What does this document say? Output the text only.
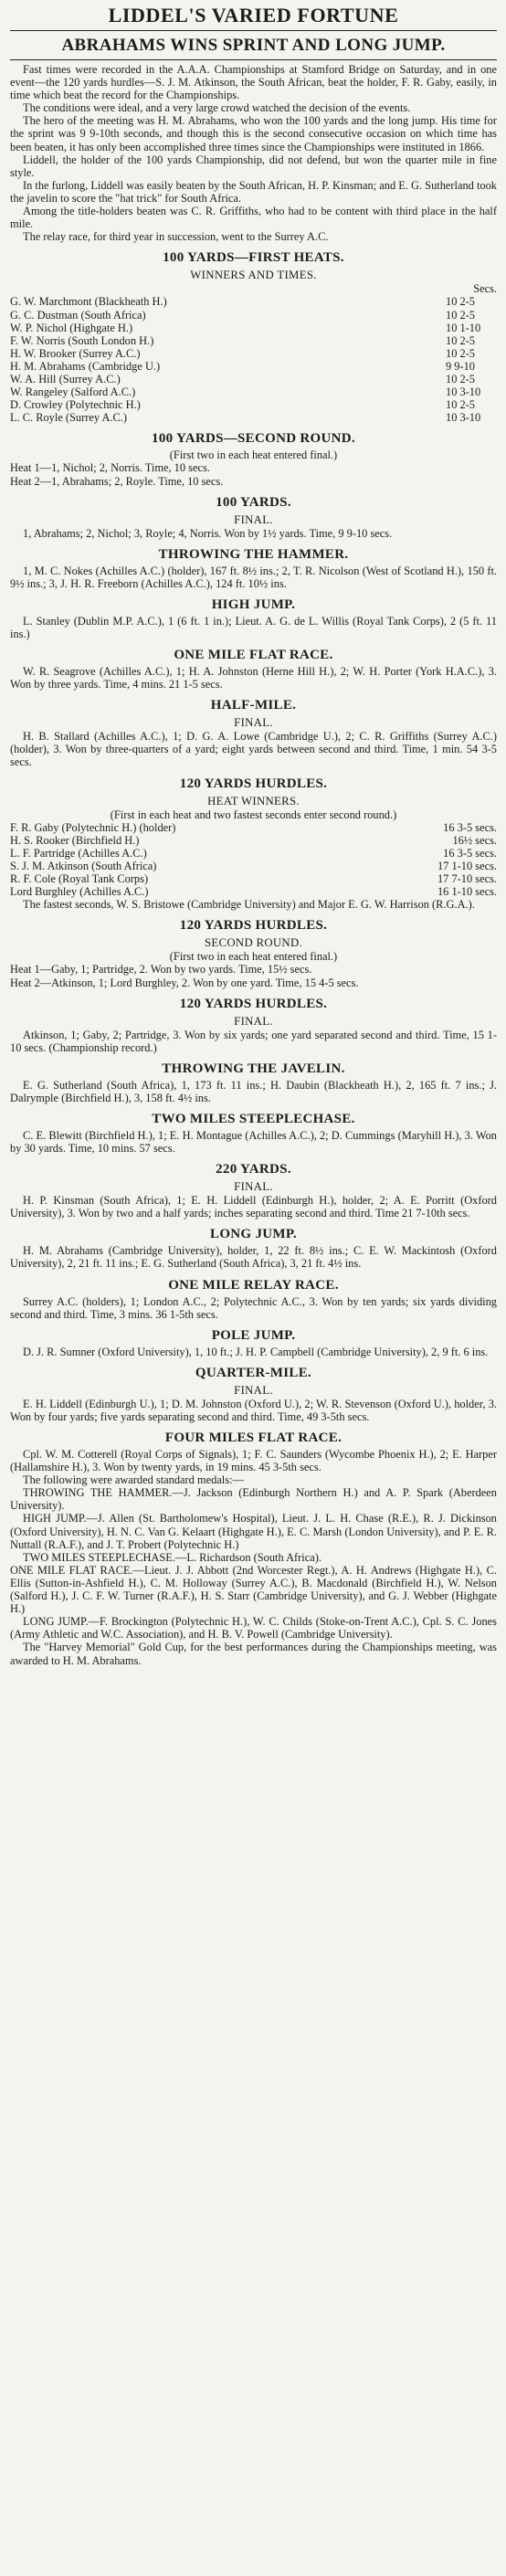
LIDDEL'S VARIED FORTUNE
ABRAHAMS WINS SPRINT AND LONG JUMP.

Fast times were recorded in the A.A.A. Championships at Stamford Bridge on Saturday, and in one event—the 120 yards hurdles—S. J. M. Atkinson, the South African, beat the holder, F. R. Gaby, easily, in time which beat the record for the Championships.

The conditions were ideal, and a very large crowd watched the decision of the events.

The hero of the meeting was H. M. Abrahams, who won the 100 yards and the long jump. His time for the sprint was 9 9-10th seconds, and though this is the second consecutive occasion on which time has been beaten, it has only been accomplished three times since the Championships were instituted in 1866.

Liddell, the holder of the 100 yards Championship, did not defend, but won the quarter mile in fine style.

In the furlong, Liddell was easily beaten by the South African, H. P. Kinsman; and E. G. Sutherland took the javelin to score the "hat trick" for South Africa.

Among the title-holders beaten was C. R. Griffiths, who had to be content with third place in the half mile.

The relay race, for third year in succession, went to the Surrey A.C.

100 YARDS—FIRST HEATS.
WINNERS AND TIMES.
	Secs.
G. W. Marchmont (Blackheath H.)	10 2-5
G. C. Dustman (South Africa)	10 2-5
W. P. Nichol (Highgate H.)	10 1-10
F. W. Norris (South London H.)	10 2-5
H. W. Brooker (Surrey A.C.)	10 2-5
H. M. Abrahams (Cambridge U.)	9 9-10
W. A. Hill (Surrey A.C.)	10 2-5
W. Rangeley (Salford A.C.)	10 3-10
D. Crowley (Polytechnic H.)	10 2-5
L. C. Royle (Surrey A.C.)	10 3-10
100 YARDS—SECOND ROUND.

(First two in each heat entered final.)

Heat 1—1, Nichol; 2, Norris. Time, 10 secs.

Heat 2—1, Abrahams; 2, Royle. Time, 10 secs.

100 YARDS.
FINAL.

1, Abrahams; 2, Nichol; 3, Royle; 4, Norris. Won by 1½ yards. Time, 9 9-10 secs.

THROWING THE HAMMER.

1, M. C. Nokes (Achilles A.C.) (holder), 167 ft. 8½ ins.; 2, T. R. Nicolson (West of Scotland H.), 150 ft. 9½ ins.; 3, J. H. R. Freeborn (Achilles A.C.), 124 ft. 10½ ins.

HIGH JUMP.

L. Stanley (Dublin M.P. A.C.), 1 (6 ft. 1 in.); Lieut. A. G. de L. Willis (Royal Tank Corps), 2 (5 ft. 11 ins.)

ONE MILE FLAT RACE.

W. R. Seagrove (Achilles A.C.), 1; H. A. Johnston (Herne Hill H.), 2; W. H. Porter (York H.A.C.), 3. Won by three yards. Time, 4 mins. 21 1-5 secs.

HALF-MILE.
FINAL.

H. B. Stallard (Achilles A.C.), 1; D. G. A. Lowe (Cambridge U.), 2; C. R. Griffiths (Surrey A.C.) (holder), 3. Won by three-quarters of a yard; eight yards between second and third. Time, 1 min. 54 3-5 secs.

120 YARDS HURDLES.
HEAT WINNERS.

(First in each heat and two fastest seconds enter second round.)

F. R. Gaby (Polytechnic H.) (holder)	16 3-5 secs.
H. S. Rooker (Birchfield H.)	16½ secs.
L. F. Partridge (Achilles A.C.)	16 3-5 secs.
S. J. M. Atkinson (South Africa)	17 1-10 secs.
R. F. Cole (Royal Tank Corps)	17 7-10 secs.
Lord Burghley (Achilles A.C.)	16 1-10 secs.

The fastest seconds, W. S. Bristowe (Cambridge University) and Major E. G. W. Harrison (R.G.A.).

120 YARDS HURDLES.
SECOND ROUND.

(First two in each heat entered final.)

Heat 1—Gaby, 1; Partridge, 2. Won by two yards. Time, 15½ secs.

Heat 2—Atkinson, 1; Lord Burghley, 2. Won by one yard. Time, 15 4-5 secs.

120 YARDS HURDLES.
FINAL.

Atkinson, 1; Gaby, 2; Partridge, 3. Won by six yards; one yard separated second and third. Time, 15 1-10 secs. (Championship record.)

THROWING THE JAVELIN.

E. G. Sutherland (South Africa), 1, 173 ft. 11 ins.; H. Daubin (Blackheath H.), 2, 165 ft. 7 ins.; J. Dalrymple (Birchfield H.), 3, 158 ft. 4½ ins.

TWO MILES STEEPLECHASE.

C. E. Blewitt (Birchfield H.), 1; E. H. Montague (Achilles A.C.), 2; D. Cummings (Maryhill H.), 3. Won by 30 yards. Time, 10 mins. 57 secs.

220 YARDS.
FINAL.

H. P. Kinsman (South Africa), 1; E. H. Liddell (Edinburgh H.), holder, 2; A. E. Porritt (Oxford University), 3. Won by two and a half yards; inches separating second and third. Time 21 7-10th secs.

LONG JUMP.

H. M. Abrahams (Cambridge University), holder, 1, 22 ft. 8½ ins.; C. E. W. Mackintosh (Oxford University), 2, 21 ft. 11 ins.; E. G. Sutherland (South Africa), 3, 21 ft. 4½ ins.

ONE MILE RELAY RACE.

Surrey A.C. (holders), 1; London A.C., 2; Polytechnic A.C., 3. Won by ten yards; six yards dividing second and third. Time, 3 mins. 36 1-5th secs.

POLE JUMP.

D. J. R. Sumner (Oxford University), 1, 10 ft.; J. H. P. Campbell (Cambridge University), 2, 9 ft. 6 ins.

QUARTER-MILE.
FINAL.

E. H. Liddell (Edinburgh U.), 1; D. M. Johnston (Oxford U.), 2; W. R. Stevenson (Oxford U.), holder, 3. Won by four yards; five yards separating second and third. Time, 49 3-5th secs.

FOUR MILES FLAT RACE.

Cpl. W. M. Cotterell (Royal Corps of Signals), 1; F. C. Saunders (Wycombe Phoenix H.), 2; E. Harper (Hallamshire H.), 3. Won by twenty yards, in 19 mins. 45 3-5th secs.

The following were awarded standard medals:—

THROWING THE HAMMER.—J. Jackson (Edinburgh Northern H.) and A. P. Spark (Aberdeen University).

HIGH JUMP.—J. Allen (St. Bartholomew's Hospital), Lieut. J. L. H. Chase (R.E.), R. J. Dickinson (Oxford University), H. N. C. Van G. Kelaart (Highgate H.), E. C. Marsh (London University), and P. E. R. Nuttall (R.A.F.), and J. T. Probert (Polytechnic H.)

TWO MILES STEEPLECHASE.—L. Richardson (South Africa).

ONE MILE FLAT RACE.—Lieut. J. J. Abbott (2nd Worcester Regt.), A. H. Andrews (Highgate H.), C. Ellis (Sutton-in-Ashfield H.), C. M. Holloway (Surrey A.C.), B. Macdonald (Birchfield H.), W. Nelson (Salford H.), J. C. F. W. Turner (R.A.F.), H. S. Starr (Cambridge University), and G. J. Webber (Highgate H.)

LONG JUMP.—F. Brockington (Polytechnic H.), W. C. Childs (Stoke-on-Trent A.C.), Cpl. S. C. Jones (Army Athletic and W.C. Association), and H. B. V. Powell (Cambridge University).

The "Harvey Memorial" Gold Cup, for the best performances during the Championships meeting, was awarded to H. M. Abrahams.
